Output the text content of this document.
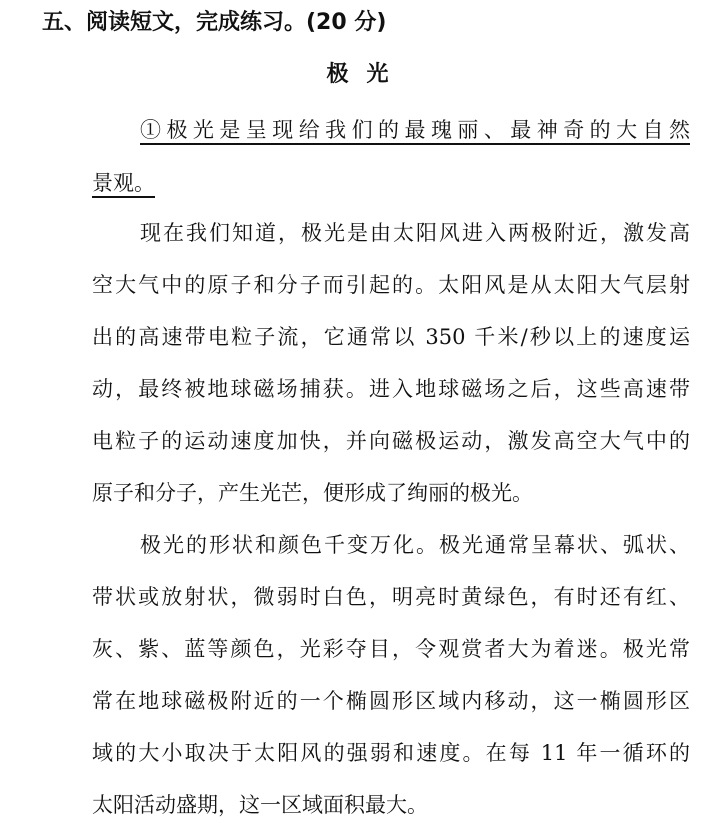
五、阅读短文，完成练习。(20 分)
极光
①极光是呈现给我们的最瑰丽、最神奇的大自然
景观。
现在我们知道，极光是由太阳风进入两极附近，激发高
空大气中的原子和分子而引起的。太阳风是从太阳大气层射
出的高速带电粒子流，它通常以 350 千米/秒以上的速度运
动，最终被地球磁场捕获。进入地球磁场之后，这些高速带
电粒子的运动速度加快，并向磁极运动，激发高空大气中的
原子和分子，产生光芒，便形成了绚丽的极光。
极光的形状和颜色千变万化。极光通常呈幕状、弧状、
带状或放射状，微弱时白色，明亮时黄绿色，有时还有红、
灰、紫、蓝等颜色，光彩夺目，令观赏者大为着迷。极光常
常在地球磁极附近的一个椭圆形区域内移动，这一椭圆形区
域的大小取决于太阳风的强弱和速度。在每 11 年一循环的
太阳活动盛期，这一区域面积最大。
